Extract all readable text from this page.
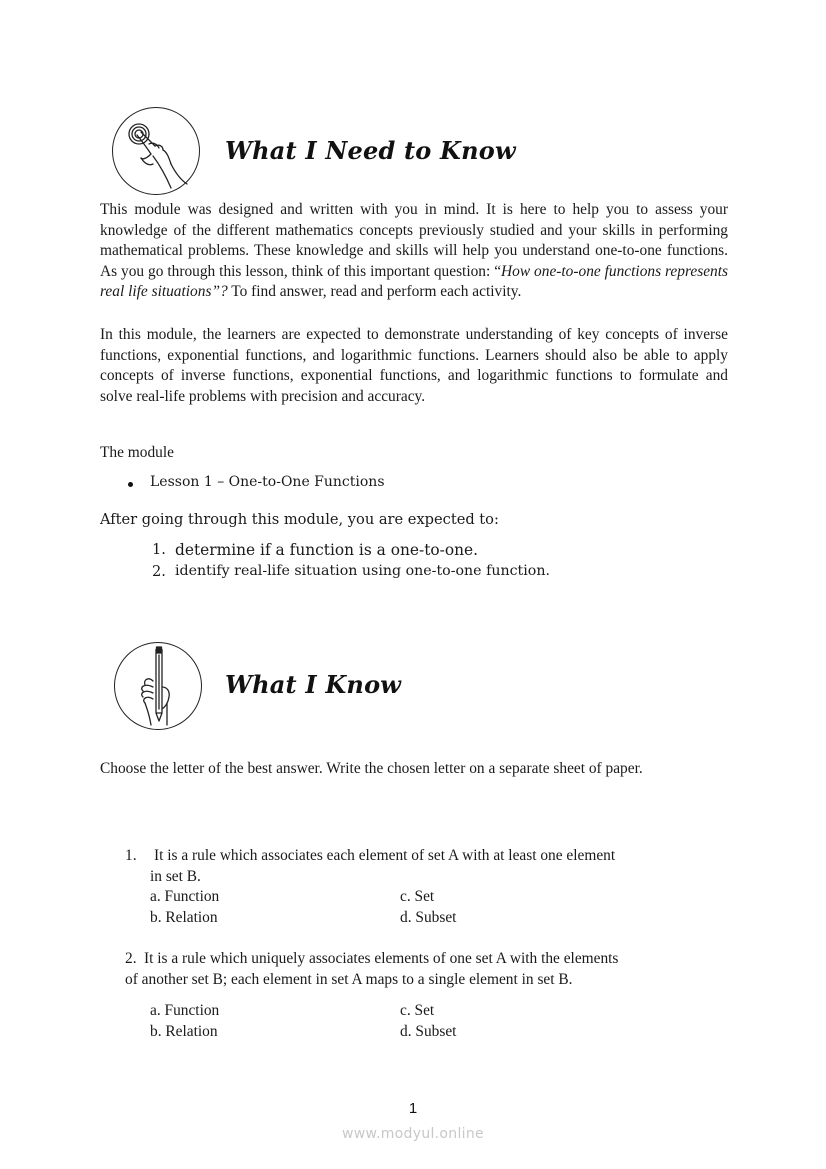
What I Need to Know
This module was designed and written with you in mind. It is here to help you to assess your knowledge of the different mathematics concepts previously studied and your skills in performing mathematical problems. These knowledge and skills will help you understand one-to-one functions. As you go through this lesson, think of this important question: “How one-to-one functions represents real life situations”? To find answer, read and perform each activity.
In this module, the learners are expected to demonstrate understanding of key concepts of inverse functions, exponential functions, and logarithmic functions. Learners should also be able to apply concepts of inverse functions, exponential functions, and logarithmic functions to formulate and solve real-life problems with precision and accuracy.
The module
Lesson 1 – One-to-One Functions
After going through this module, you are expected to:
1. determine if a function is a one-to-one.
2. identify real-life situation using one-to-one function.
What I Know
Choose the letter of the best answer. Write the chosen letter on a separate sheet of paper.
1. It is a rule which associates each element of set A with at least one element
in set B.
a. Function	c. Set
b. Relation	d. Subset
2. It is a rule which uniquely associates elements of one set A with the elements
of another set B; each element in set A maps to a single element in set B.
a. Function	c. Set
b. Relation	d. Subset
1
www.modyul.online
